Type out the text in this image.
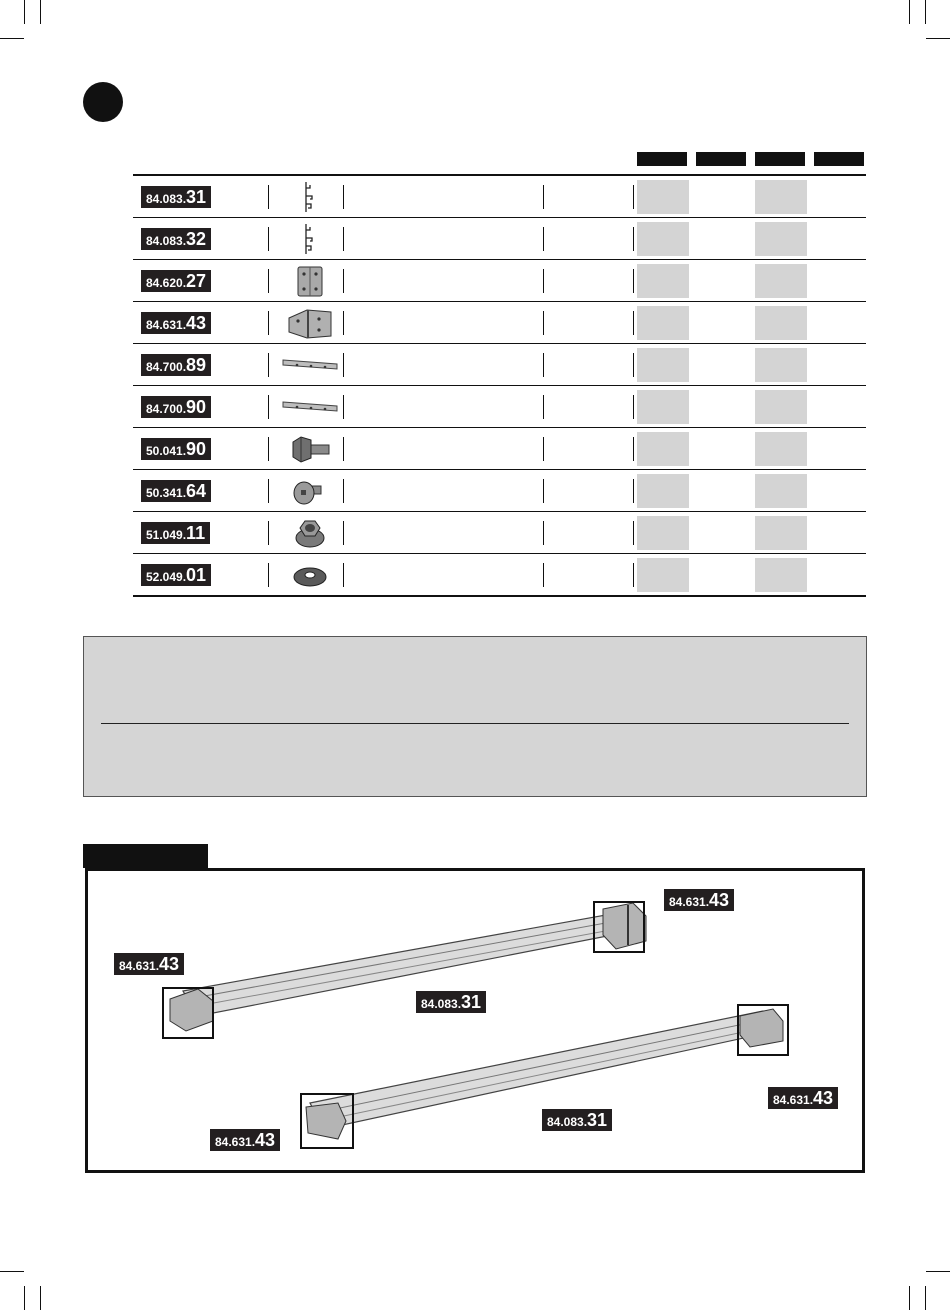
84.083. 31
84.083. 32
84.620. 27
84.631. 43
84.700. 89
84.700. 90
50.041. 90
50.341. 64
51.049. 11
52.049. 01
84.631. 43
84.631. 43
84.083. 31
84.631. 43
84.083. 31
84.631. 43
